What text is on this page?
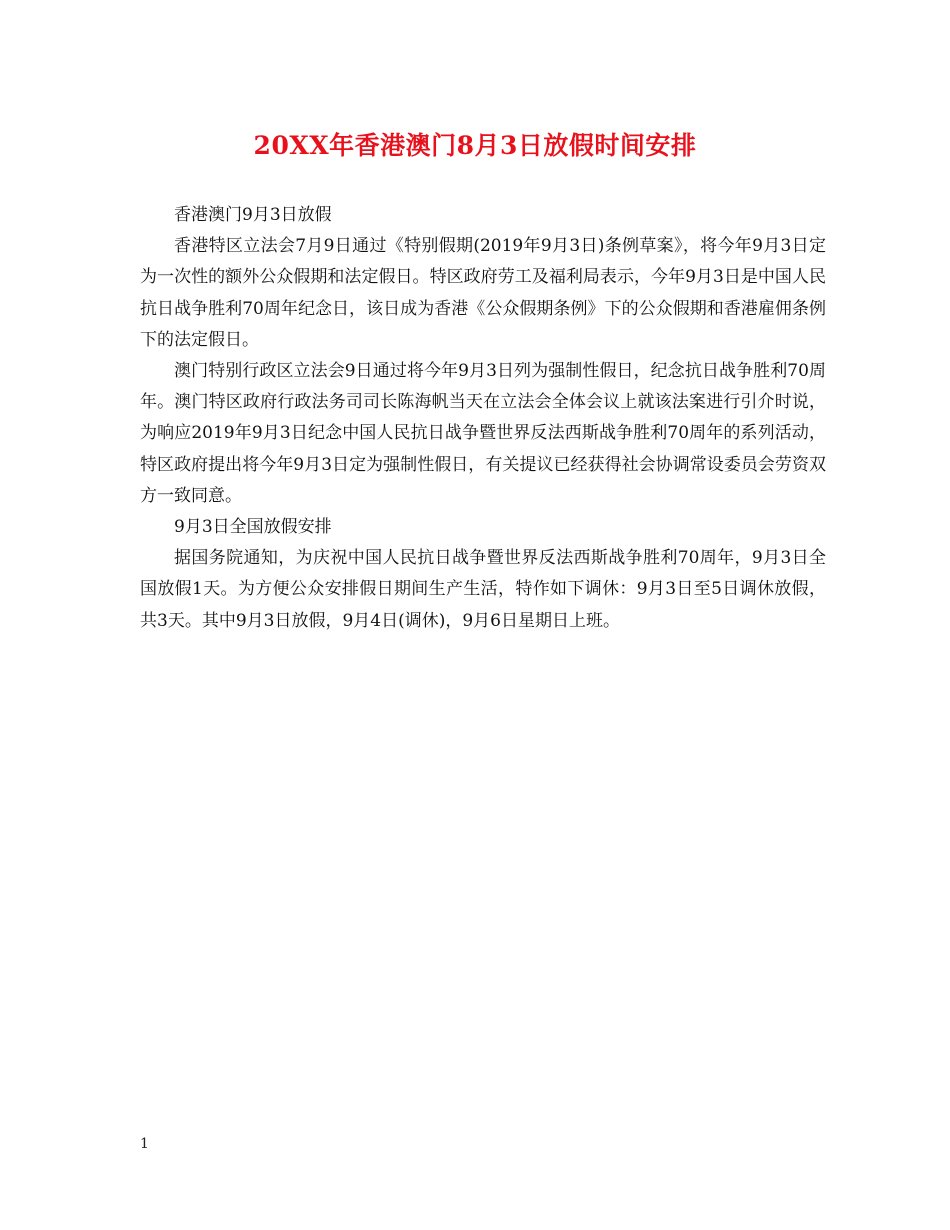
20XX年香港澳门8月3日放假时间安排
香港澳门9月3日放假

香港特区立法会7月9日通过《特别假期(2019年9月3日)条例草案》，将今年9月3日定为一次性的额外公众假期和法定假日。特区政府劳工及福利局表示，今年9月3日是中国人民抗日战争胜利70周年纪念日，该日成为香港《公众假期条例》下的公众假期和香港雇佣条例下的法定假日。

澳门特别行政区立法会9日通过将今年9月3日列为强制性假日，纪念抗日战争胜利70周年。澳门特区政府行政法务司司长陈海帆当天在立法会全体会议上就该法案进行引介时说，为响应2019年9月3日纪念中国人民抗日战争暨世界反法西斯战争胜利70周年的系列活动，特区政府提出将今年9月3日定为强制性假日，有关提议已经获得社会协调常设委员会劳资双方一致同意。

9月3日全国放假安排

据国务院通知，为庆祝中国人民抗日战争暨世界反法西斯战争胜利70周年，9月3日全国放假1天。为方便公众安排假日期间生产生活，特作如下调休：9月3日至5日调休放假，共3天。其中9月3日放假，9月4日(调休)，9月6日星期日上班。

1
